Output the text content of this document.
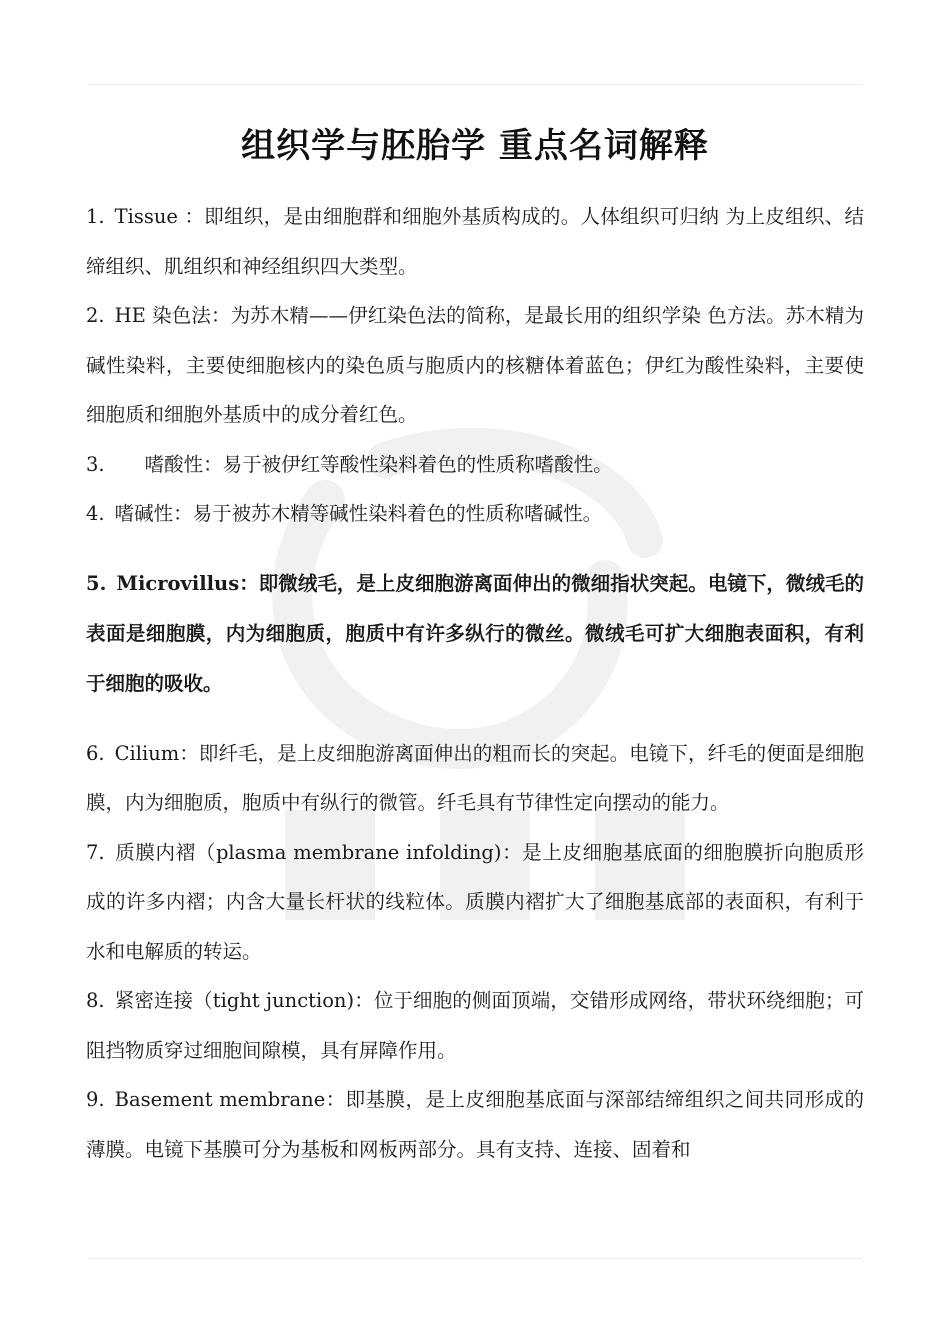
组织学与胚胎学 重点名词解释
1. Tissue ：即组织，是由细胞群和细胞外基质构成的。人体组织可归纳 为上皮组织、结缔组织、肌组织和神经组织四大类型。
2. HE 染色法：为苏木精——伊红染色法的简称，是最长用的组织学染 色方法。苏木精为碱性染料，主要使细胞核内的染色质与胞质内的核糖体着蓝色；伊红为酸性染料，主要使细胞质和细胞外基质中的成分着红色。
3. 嗜酸性：易于被伊红等酸性染料着色的性质称嗜酸性。
4. 嗜碱性：易于被苏木精等碱性染料着色的性质称嗜碱性。
5. Microvillus：即微绒毛，是上皮细胞游离面伸出的微细指状突起。电镜下，微绒毛的表面是细胞膜，内为细胞质，胞质中有许多纵行的微丝。微绒毛可扩大细胞表面积，有利于细胞的吸收。
6. Cilium：即纤毛，是上皮细胞游离面伸出的粗而长的突起。电镜下，纤毛的便面是细胞膜，内为细胞质，胞质中有纵行的微管。纤毛具有节律性定向摆动的能力。
7. 质膜内褶（plasma membrane infolding)：是上皮细胞基底面的细胞膜折向胞质形成的许多内褶；内含大量长杆状的线粒体。质膜内褶扩大了细胞基底部的表面积，有利于水和电解质的转运。
8. 紧密连接（tight junction)：位于细胞的侧面顶端，交错形成网络，带状环绕细胞；可阻挡物质穿过细胞间隙模，具有屏障作用。
9. Basement membrane：即基膜，是上皮细胞基底面与深部结缔组织之间共同形成的薄膜。电镜下基膜可分为基板和网板两部分。具有支持、连接、固着和
